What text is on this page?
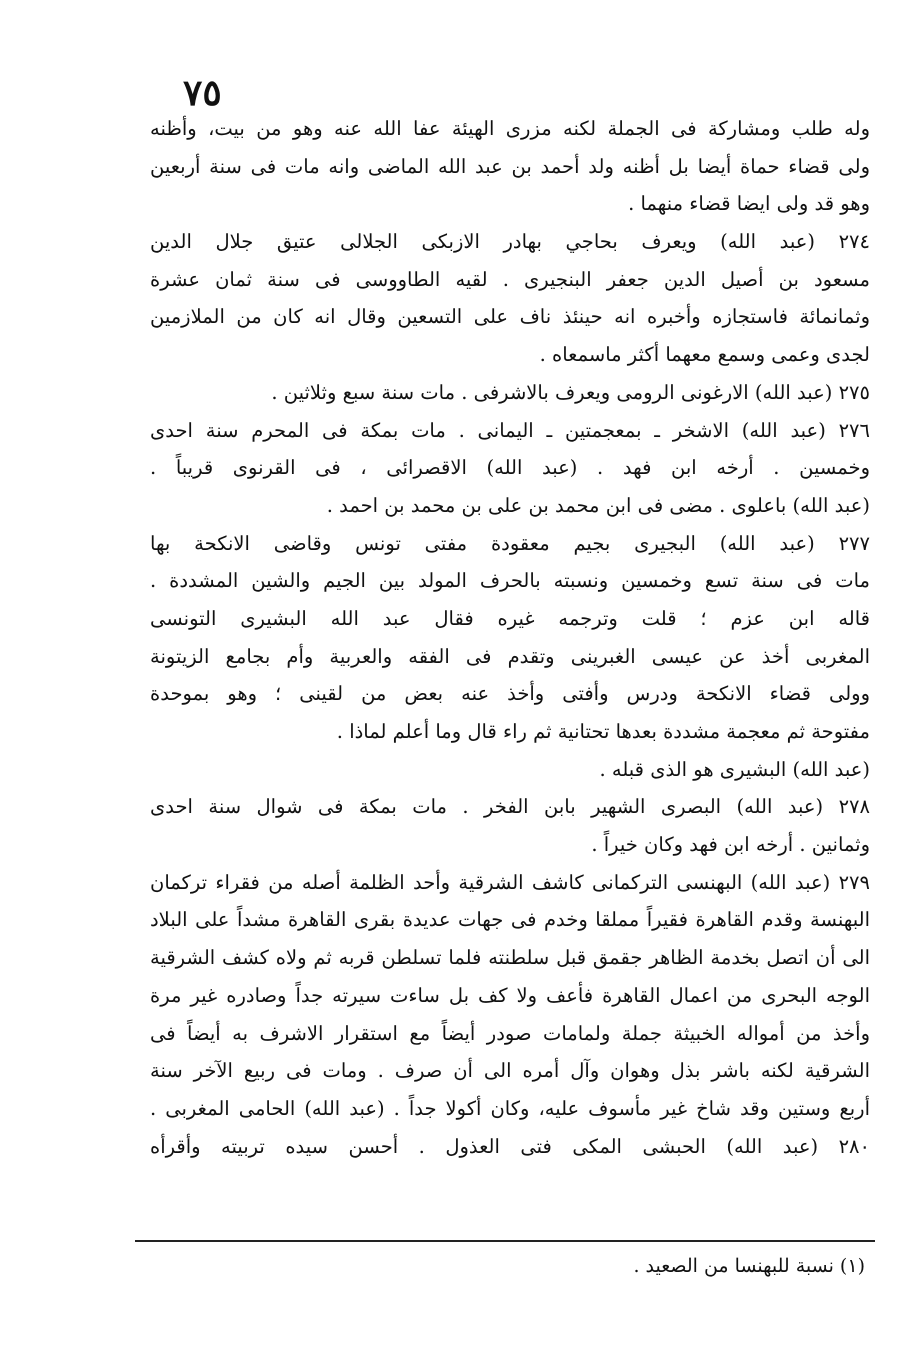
٧٥
وله طلب ومشاركة فى الجملة لكنه مزرى الهيئة عفا الله عنه وهو من بيت، وأظنه
ولى قضاء حماة أيضا بل أظنه ولد أحمد بن عبد الله الماضى وانه مات فى سنة أربعين
وهو قد ولى ايضا قضاء منهما .
٢٧٤ (عبد الله) ويعرف بحاجي بهادر الازبكى الجلالى عتيق جلال الدين
مسعود بن أصيل الدين جعفر البنجيرى . لقيه الطاووسى فى سنة ثمان عشرة
وثمانمائة فاستجازه وأخبره انه حينئذ ناف على التسعين وقال انه كان من الملازمين
لجدى وعمى وسمع معهما أكثر ماسمعاه .
٢٧٥ (عبد الله) الارغونى الرومى ويعرف بالاشرفى . مات سنة سبع وثلاثين .
٢٧٦ (عبد الله) الاشخر ـ بمعجمتين ـ اليمانى . مات بمكة فى المحرم سنة احدى
وخمسين . أرخه ابن فهد . (عبد الله) الاقصرائى ، فى القرنوى قريباً .
(عبد الله) باعلوى . مضى فى ابن محمد بن على بن محمد بن احمد .
٢٧٧ (عبد الله) البجيرى بجيم معقودة مفتى تونس وقاضى الانكحة بها
مات فى سنة تسع وخمسين ونسبته بالحرف المولد بين الجيم والشين المشددة .
قاله ابن عزم ؛ قلت وترجمه غيره فقال عبد الله البشيرى التونسى
المغربى أخذ عن عيسى الغبرينى وتقدم فى الفقه والعربية وأم بجامع الزيتونة
وولى قضاء الانكحة ودرس وأفتى وأخذ عنه بعض من لقينى ؛ وهو بموحدة
مفتوحة ثم معجمة مشددة بعدها تحتانية ثم راء قال وما أعلم لماذا .
(عبد الله) البشيرى هو الذى قبله .
٢٧٨ (عبد الله) البصرى الشهير بابن الفخر . مات بمكة فى شوال سنة احدى
وثمانين . أرخه ابن فهد وكان خيراً .
٢٧٩ (عبد الله) البهنسى التركمانى كاشف الشرقية وأحد الظلمة أصله من فقراء تركمان
البهنسة وقدم القاهرة فقيراً مملقا وخدم فى جهات عديدة بقرى القاهرة مشداً على البلاد
الى أن اتصل بخدمة الظاهر جقمق قبل سلطنته فلما تسلطن قربه ثم ولاه كشف الشرقية
الوجه البحرى من اعمال القاهرة فأعف ولا كف بل ساءت سيرته جداً وصادره غير مرة
وأخذ من أمواله الخبيثة جملة ولمامات صودر أيضاً مع استقرار الاشرف به أيضاً فى
الشرقية لكنه باشر بذل وهوان وآل أمره الى أن صرف . ومات فى ربيع الآخر سنة
أربع وستين وقد شاخ غير مأسوف عليه، وكان أكولا جداً . (عبد الله) الحامى المغربى .
٢٨٠ (عبد الله) الحبشى المكى فتى العذول . أحسن سيده تربيته وأقرأه
(١) نسبة للبهنسا من الصعيد .
